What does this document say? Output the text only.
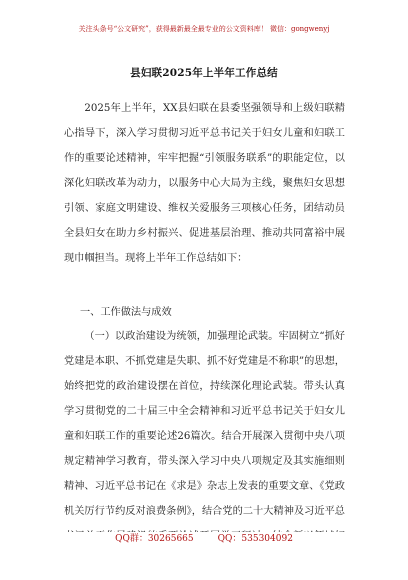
关注头条号“公文研究”，获得最新最全最专业的公文资料库！ 微信：gongwenyj
县妇联2025年上半年工作总结

2025年上半年，XX县妇联在县委坚强领导和上级妇联精心指导下，深入学习贯彻习近平总书记关于妇女儿童和妇联工作的重要论述精神，牢牢把握“引领服务联系”的职能定位，以深化妇联改革为动力，以服务中心大局为主线，聚焦妇女思想引领、家庭文明建设、维权关爱服务三项核心任务，团结动员全县妇女在助力乡村振兴、促进基层治理、推动共同富裕中展现巾帼担当。现将上半年工作总结如下：

一、工作做法与成效

（一）以政治建设为统领，加强理论武装。牢固树立“抓好党建是本职、不抓党建是失职、抓不好党建是不称职”的思想，始终把党的政治建设摆在首位，持续深化理论武装。带头认真学习贯彻党的二十届三中全会精神和习近平总书记关于妇女儿童和妇联工作的重要论述26篇次。结合开展深入贯彻中央八项规定精神学习教育，带头深入学习中央八项规定及其实施细则精神、习近平总书记在《求是》杂志上发表的重要文章、《党政机关厉行节约反对浪费条例》，结合党的二十大精神及习近平总

QQ群：30265665	QQ：535304092
